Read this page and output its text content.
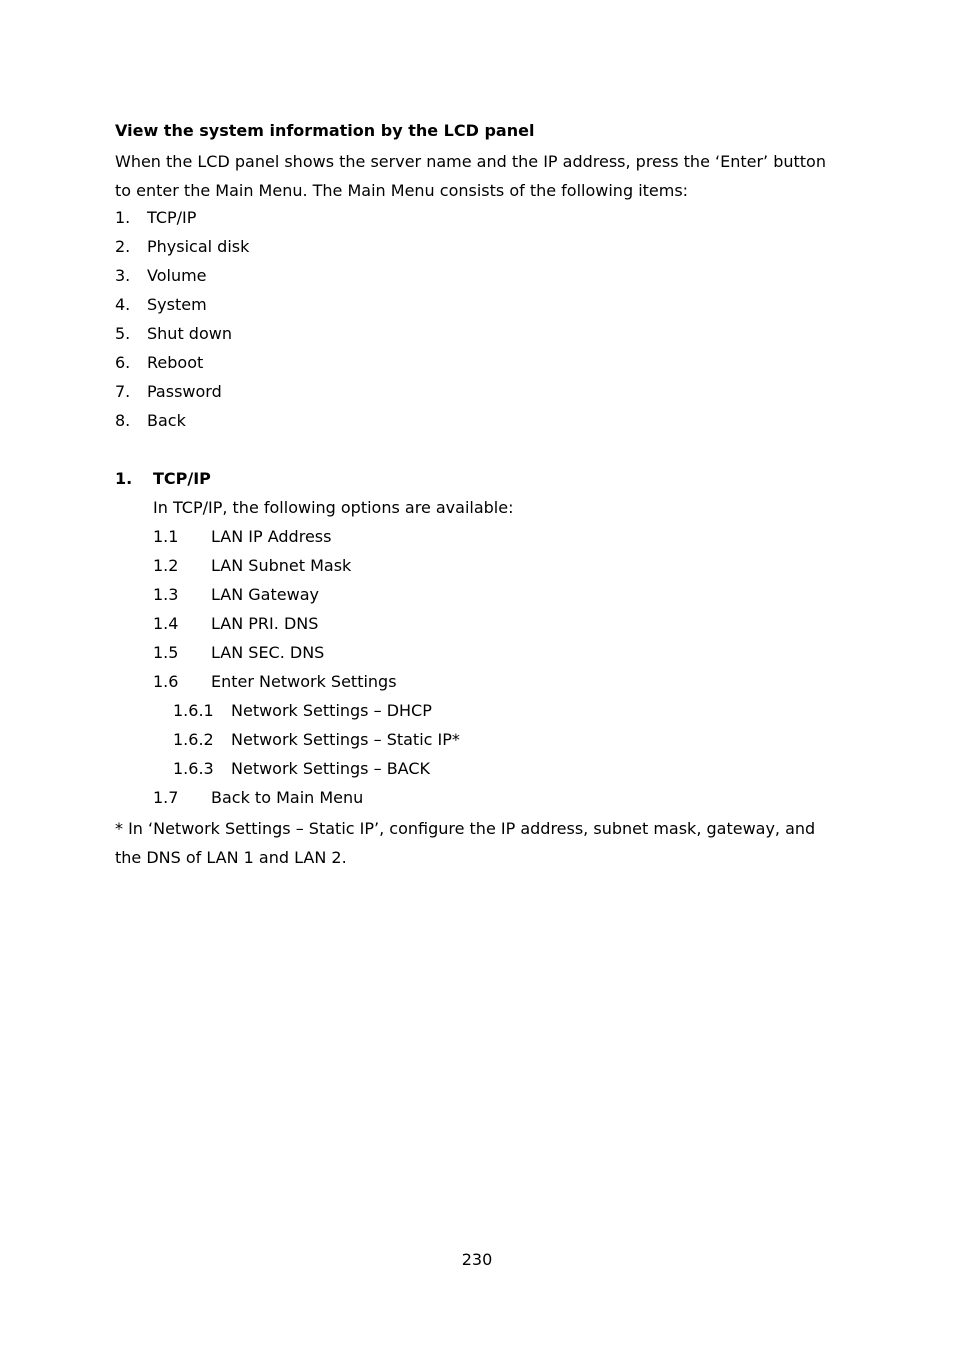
View the system information by the LCD panel
When the LCD panel shows the server name and the IP address, press the ‘Enter’ button to enter the Main Menu. The Main Menu consists of the following items:
1. TCP/IP
2. Physical disk
3. Volume
4. System
5. Shut down
6. Reboot
7. Password
8. Back
1. TCP/IP
In TCP/IP, the following options are available:
1.1 LAN IP Address
1.2 LAN Subnet Mask
1.3 LAN Gateway
1.4 LAN PRI. DNS
1.5 LAN SEC. DNS
1.6 Enter Network Settings
1.6.1 Network Settings – DHCP
1.6.2 Network Settings – Static IP*
1.6.3 Network Settings – BACK
1.7 Back to Main Menu
* In ‘Network Settings – Static IP’, configure the IP address, subnet mask, gateway, and the DNS of LAN 1 and LAN 2.
230
